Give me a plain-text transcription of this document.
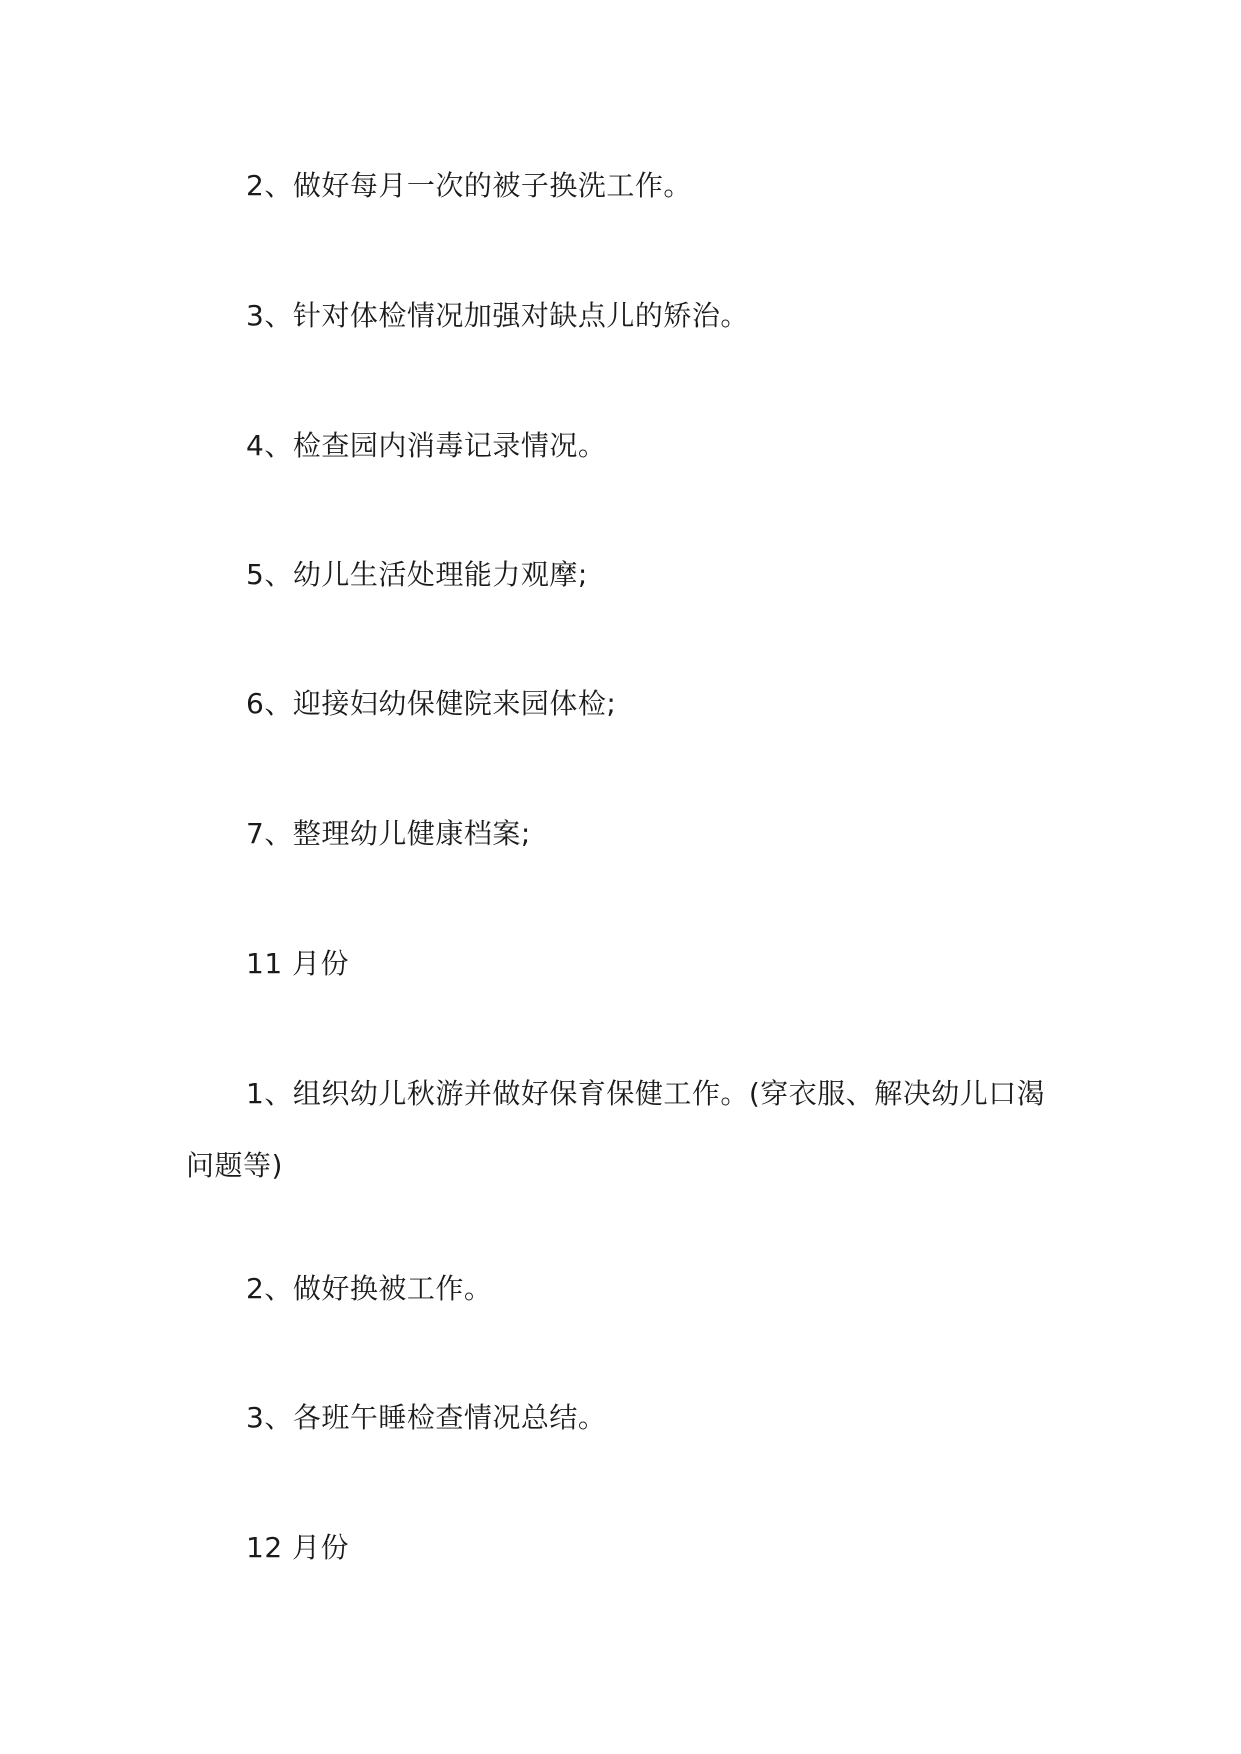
2、做好每月一次的被子换洗工作。

3、针对体检情况加强对缺点儿的矫治。

4、检查园内消毒记录情况。

5、幼儿生活处理能力观摩;

6、迎接妇幼保健院来园体检;

7、整理幼儿健康档案;

11 月份

1、组织幼儿秋游并做好保育保健工作。(穿衣服、解决幼儿口渴问题等)

2、做好换被工作。

3、各班午睡检查情况总结。

12 月份
